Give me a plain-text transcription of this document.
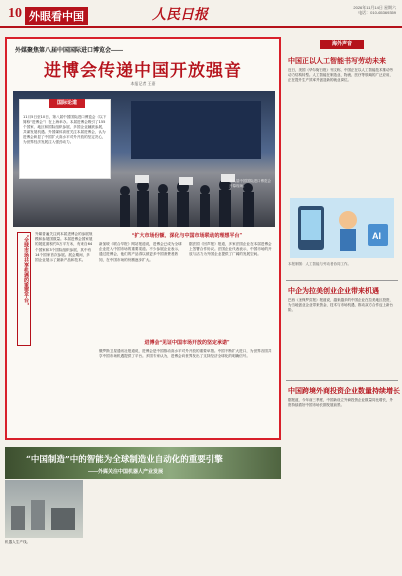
10 外眼看中国	人民日报	2026年11月14日 星期六
电话：010-65369359
外媒聚焦第八届中国国际进口博览会——
进博会传递中国开放强音
本报记者 王嘉
11月5日至10日，第八届中国国际进口博览会（以下简称“进博会”）在上海举办。本届进博会吸引了155个国家、地区和国际组织参展，多国企业踊跃参展，共谋发展机遇。外国媒体高度关注本届进博会，认为进博会彰显了中国扩大高水平对外开放的坚定决心，为世界经济发展注入强劲动力。
国际论道
第八届中国国际进口博览会开幕现场。
“全球市场共享机遇的重要平台”
外媒普遍关注到本届进博会的参展规模和参展国数量。本届进博会国家展的展览面积约3万平方米，有来自64个国家和3个国际组织参展，其中有14个国家首次参展。展会期间，多国企业展示了最新产品和技术。
“扩大市场份额、深化与中国市场联动的理想平台”
新加坡《联合早报》网站报道说，进博会已成为全球企业进入中国市场的重要渠道。不少参展企业表示，通过进博会，他们的产品得以被更多中国消费者熟知，在中国市场的份额逐步扩大。
据法国《回声报》报道，多家法国企业在本届进博会上签署合作协议。法国企业代表表示，中国市场的开放与活力为外国企业提供了广阔的发展空间。
进博会“见证中国市场开放的坚定承诺”
俄罗斯卫星通讯社报道说，进博会是中国推动高水平对外开放的重要举措。中国不断扩大进口，为世界各国共享中国市场机遇提供了平台。多国专家认为，进博会向世界发出了支持经济全球化的明确信号。
海外声音
中国正以人工智能书写劳动未来
近日，美国《华尔街日报》刊文称，中国正在以人工智能技术推动劳动力结构转型。人工智能在制造业、物流、医疗等领域的广泛应用，正在提升生产效率并创造新的就业岗位。
AI
本报制图：人工智能与劳动者协同工作。
中企为拉美创业企业带来机遇
巴西《圣保罗页报》报道说，越来越多的中国企业在拉美地区投资，为当地创业企业带来资金、技术与市场机遇，推动双方合作迈上新台阶。
中国跨境外商投资企业数量持续增长
据报道，今年前三季度，中国新设立外商投资企业数量同比增长，外资持续看好中国市场长期发展前景。
“中国制造”中的智能为全球制造业自动化的重要引擎
——外媒关注中国机器人产业发展
机器人生产线。
